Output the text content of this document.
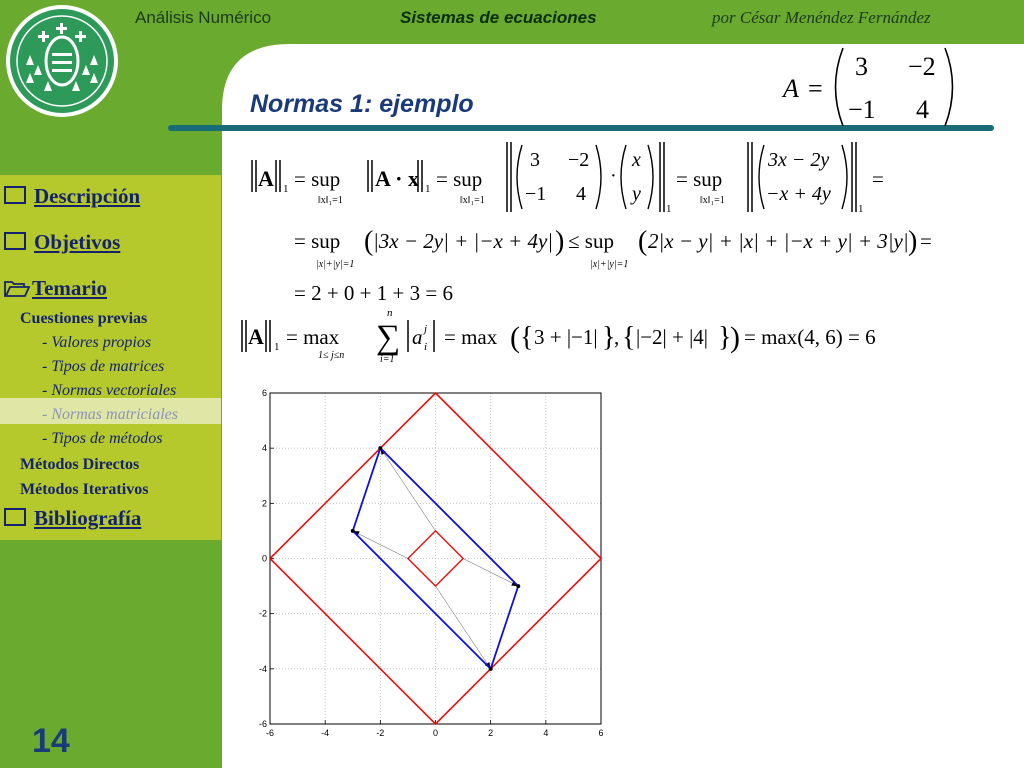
Análisis Numérico	Sistemas de ecuaciones	por César Menéndez Fernández
Normas 1: ejemplo
Descripción
Objetivos
Temario
Cuestiones previas
- Valores propios
- Tipos de matrices
- Normas vectoriales
- Normas matriciales
- Tipos de métodos
Métodos Directos
Métodos Iterativos
Bibliografía
14
A =
3 −2
−1 4
A 1 = sup
‖x‖₁=1
A · x 1 = sup
‖x‖₁=1
3 −2
−1 4
·
x
y
1
= sup
‖x‖₁=1
3x − 2y
−x + 4y
1
=
= sup
|x|+|y|=1
( |3x − 2y| + |−x + 4y| ) ≤ sup
|x|+|y|=1
( 2|x − y| + |x| + |−x + y| + 3|y| ) =
= 2 + 0 + 1 + 3 = 6
A 1 = max
1≤ j≤n ∑
n
i=1
a j
i = max ( { 3 + |−1| }
, { |−2| + |4| }
) = max(4, 6) = 6
-6	-4	-2	0	2	4	6
6
4
2
0
-2
-4
-6
